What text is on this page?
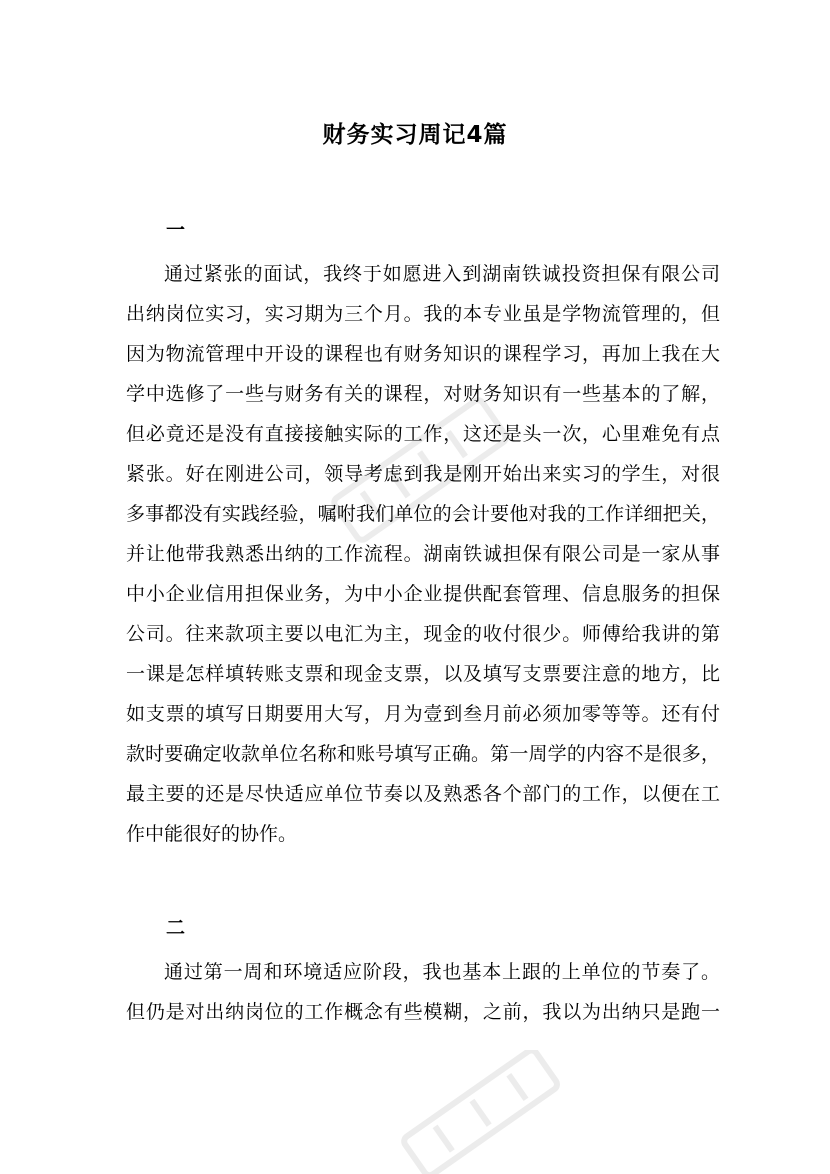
财务实习周记4篇
一
通过紧张的面试，我终于如愿进入到湖南铁诚投资担保有限公司
出纳岗位实习，实习期为三个月。我的本专业虽是学物流管理的，但
因为物流管理中开设的课程也有财务知识的课程学习，再加上我在大
学中选修了一些与财务有关的课程，对财务知识有一些基本的了解，
但必竟还是没有直接接触实际的工作，这还是头一次，心里难免有点
紧张。好在刚进公司，领导考虑到我是刚开始出来实习的学生，对很
多事都没有实践经验，嘱咐我们单位的会计要他对我的工作详细把关，
并让他带我熟悉出纳的工作流程。湖南铁诚担保有限公司是一家从事
中小企业信用担保业务，为中小企业提供配套管理、信息服务的担保
公司。往来款项主要以电汇为主，现金的收付很少。师傅给我讲的第
一课是怎样填转账支票和现金支票，以及填写支票要注意的地方，比
如支票的填写日期要用大写，月为壹到叁月前必须加零等等。还有付
款时要确定收款单位名称和账号填写正确。第一周学的内容不是很多，
最主要的还是尽快适应单位节奏以及熟悉各个部门的工作，以便在工
作中能很好的协作。
二
通过第一周和环境适应阶段，我也基本上跟的上单位的节奏了。
但仍是对出纳岗位的工作概念有些模糊，之前，我以为出纳只是跑一
